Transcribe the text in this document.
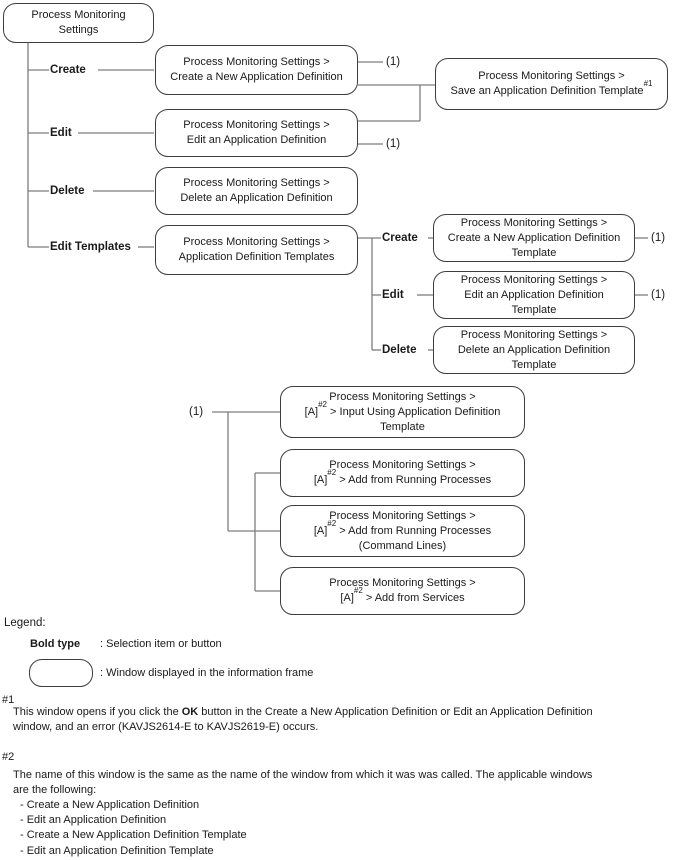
Process Monitoring
Settings
Create
Edit
Delete
Edit Templates
Process Monitoring Settings >
Create a New Application Definition
Process Monitoring Settings >
Edit an Application Definition
Process Monitoring Settings >
Delete an Application Definition
Process Monitoring Settings >
Application Definition Templates
Process Monitoring Settings >
Save an Application Definition Template$^{\#1}$
(1)
(1)
Create
Edit
Delete
Process Monitoring Settings >
Create a New Application Definition
Template
Process Monitoring Settings >
Edit an Application Definition
Template
Process Monitoring Settings >
Delete an Application Definition
Template
(1)
(1)
(1)
Process Monitoring Settings >
$[A]^{\#2}$ > Input Using Application Definition
Template
Process Monitoring Settings >
$[A]^{\#2}$ > Add from Running Processes
Process Monitoring Settings >
$[A]^{\#2}$ > Add from Running Processes
(Command Lines)
Process Monitoring Settings >
$[A]^{\#2}$ > Add from Services
Legend:
Bold type : Selection item or button
: Window displayed in the information frame
#1
This window opens if you click the OK button in the Create a New Application Definition or Edit an Application Definition
window, and an error (KAVJS2614-E to KAVJS2619-E) occurs.
#2
The name of this window is the same as the name of the window from which it was was called. The applicable windows
are the following:
- Create a New Application Definition
- Edit an Application Definition
- Create a New Application Definition Template
- Edit an Application Definition Template
